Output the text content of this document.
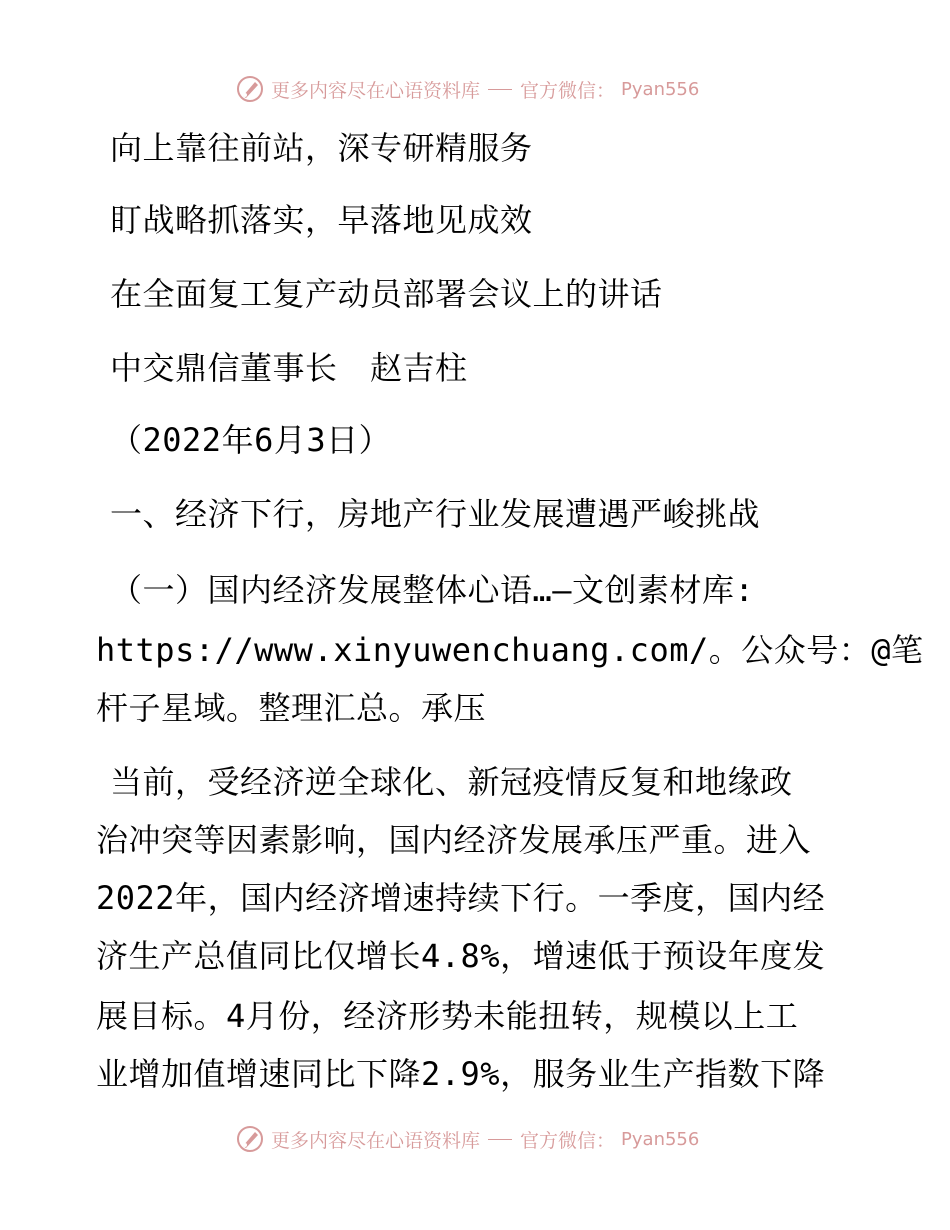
更多内容尽在心语资料库 官方微信： Pyan556
向上靠往前站，深专研精服务
盯战略抓落实，早落地见成效
在全面复工复产动员部署会议上的讲话
中交鼎信董事长　赵吉柱
（2022年6月3日）
一、经济下行，房地产行业发展遭遇严峻挑战
（一）国内经济发展整体心语…—文创素材库:
https://www.xinyuwenchuang.com/。公众号：@笔
杆子星域。整理汇总。承压
当前，受经济逆全球化、新冠疫情反复和地缘政
治冲突等因素影响，国内经济发展承压严重。进入
2022年，国内经济增速持续下行。一季度，国内经
济生产总值同比仅增长4.8%，增速低于预设年度发
展目标。4月份，经济形势未能扭转，规模以上工
业增加值增速同比下降2.9%，服务业生产指数下降
更多内容尽在心语资料库 官方微信： Pyan556
